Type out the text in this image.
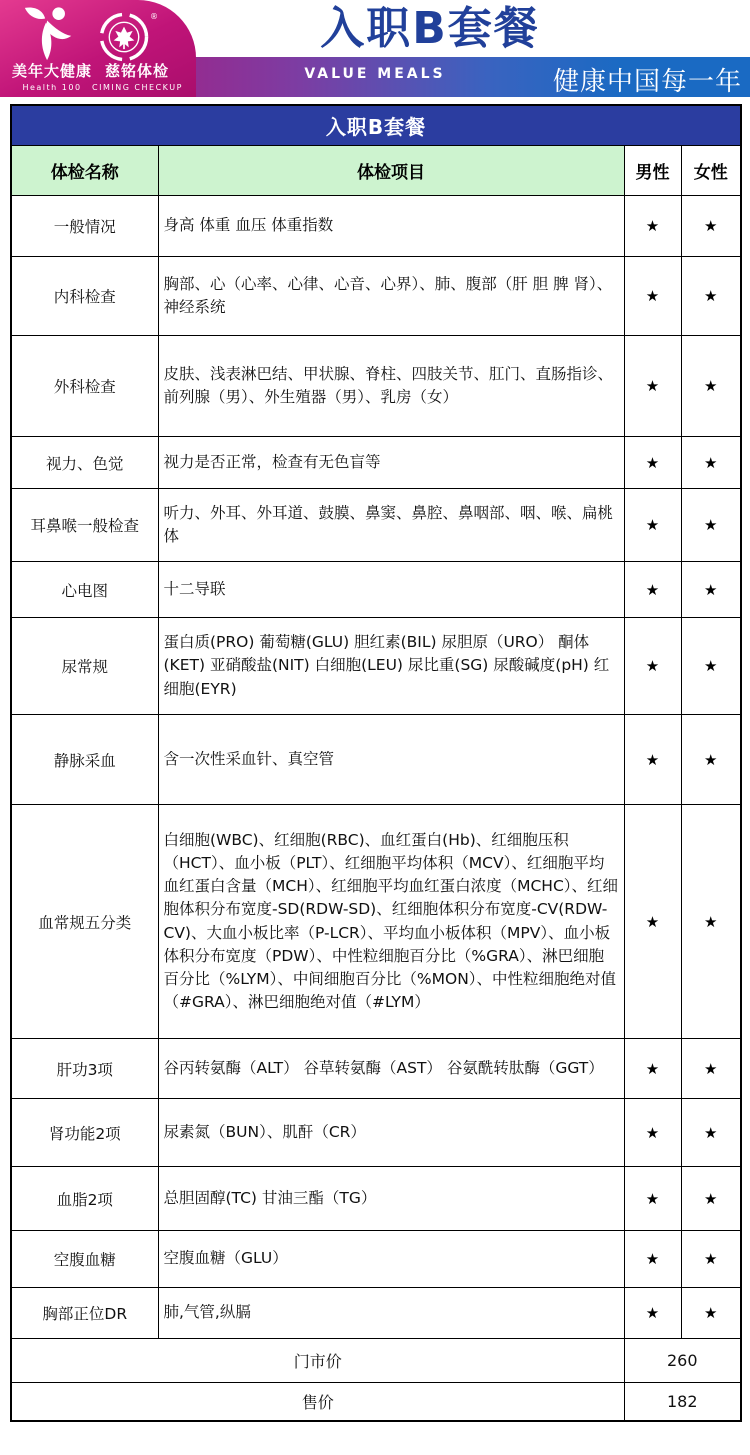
入职B套餐
VALUE MEALS	健康中国每一年
®
美年大健康
Health 100
慈铭体检
CIMING CHECKUP
入职B套餐			
体检名称	体检项目	男性	女性
一般情况	身高 体重 血压 体重指数	★	★
内科检查	胸部、心（心率、心律、心音、心界）、肺、腹部（肝 胆 脾 肾）、神经系统	★	★
外科检查	皮肤、浅表淋巴结、甲状腺、脊柱、四肢关节、肛门、直肠指诊、前列腺（男）、外生殖器（男）、乳房（女）	★	★
视力、色觉	视力是否正常，检查有无色盲等	★	★
耳鼻喉一般检查	听力、外耳、外耳道、鼓膜、鼻窦、鼻腔、鼻咽部、咽、喉、扁桃体	★	★
心电图	十二导联	★	★
尿常规	蛋白质(PRO) 葡萄糖(GLU) 胆红素(BIL) 尿胆原（URO） 酮体(KET) 亚硝酸盐(NIT) 白细胞(LEU) 尿比重(SG) 尿酸碱度(pH) 红细胞(EYR)	★	★
静脉采血	含一次性采血针、真空管	★	★
血常规五分类	白细胞(WBC)、红细胞(RBC)、血红蛋白(Hb)、红细胞压积（HCT）、血小板（PLT）、红细胞平均体积（MCV）、红细胞平均血红蛋白含量（MCH）、红细胞平均血红蛋白浓度（MCHC）、红细胞体积分布宽度-SD(RDW-SD)、红细胞体积分布宽度-CV(RDW-CV)、大血小板比率（P-LCR）、平均血小板体积（MPV）、血小板体积分布宽度（PDW）、中性粒细胞百分比（%GRA）、淋巴细胞百分比（%LYM）、中间细胞百分比（%MON）、中性粒细胞绝对值（#GRA）、淋巴细胞绝对值（#LYM）	★	★
肝功3项	谷丙转氨酶（ALT） 谷草转氨酶（AST） 谷氨酰转肽酶（GGT）	★	★
肾功能2项	尿素氮（BUN）、肌酐（CR）	★	★
血脂2项	总胆固醇(TC) 甘油三酯（TG）	★	★
空腹血糖	空腹血糖（GLU）	★	★
胸部正位DR	肺,气管,纵膈	★	★
门市价		260	
售价		182	
